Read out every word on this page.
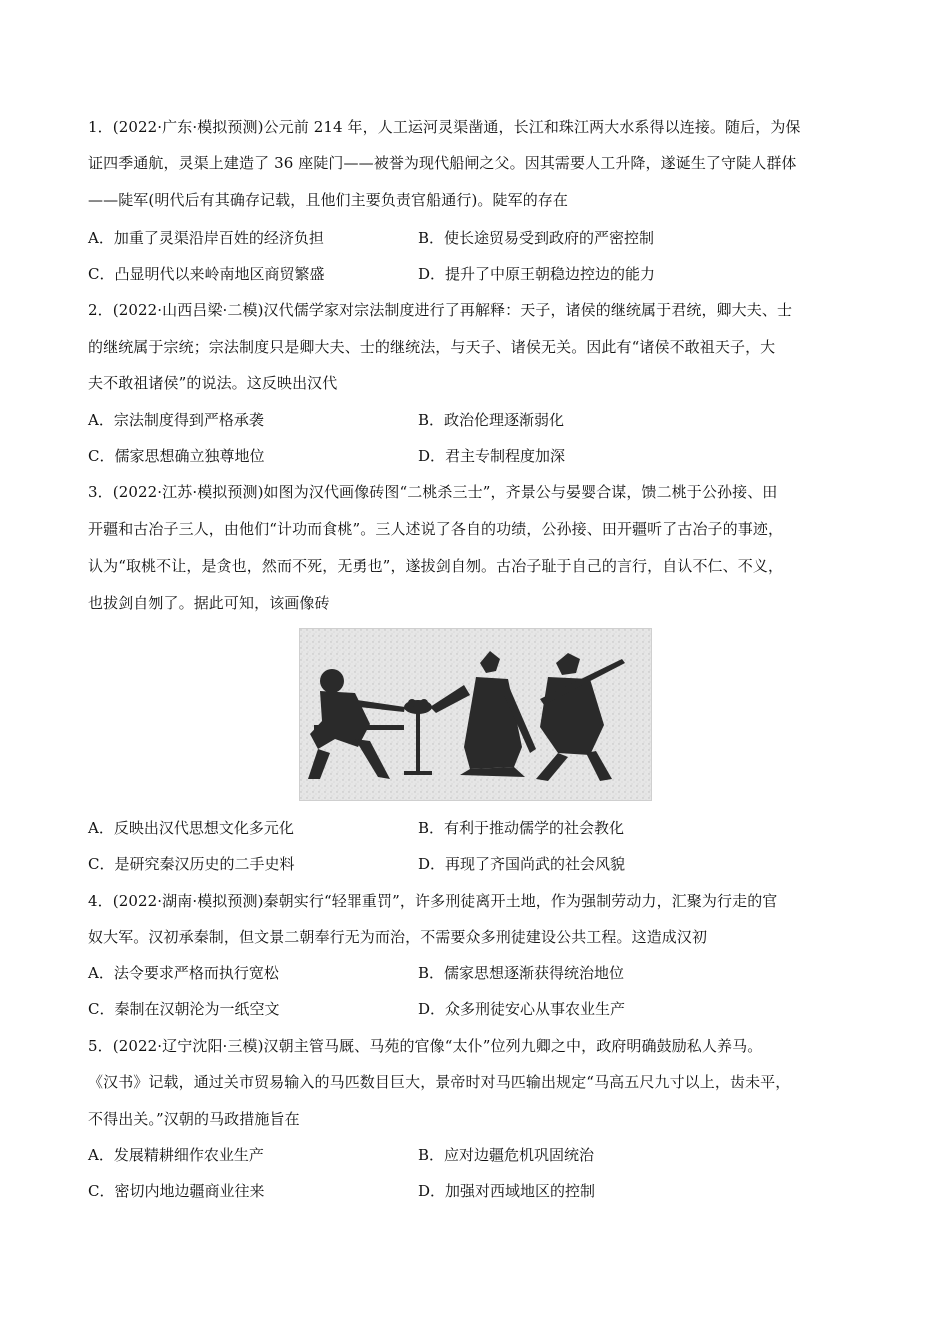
1．(2022·广东·模拟预测)公元前 214 年，人工运河灵渠凿通，长江和珠江两大水系得以连接。随后，为保
证四季通航，灵渠上建造了 36 座陡门——被誉为现代船闸之父。因其需要人工升降，遂诞生了守陡人群体
——陡军(明代后有其确存记载，且他们主要负责官船通行)。陡军的存在
A．加重了灵渠沿岸百姓的经济负担	B．使长途贸易受到政府的严密控制
C．凸显明代以来岭南地区商贸繁盛	D．提升了中原王朝稳边控边的能力
2．(2022·山西吕梁·二模)汉代儒学家对宗法制度进行了再解释：天子，诸侯的继统属于君统，卿大夫、士
的继统属于宗统；宗法制度只是卿大夫、士的继统法，与天子、诸侯无关。因此有“诸侯不敢祖天子，大
夫不敢祖诸侯”的说法。这反映出汉代
A．宗法制度得到严格承袭	B．政治伦理逐渐弱化
C．儒家思想确立独尊地位	D．君主专制程度加深
3．(2022·江苏·模拟预测)如图为汉代画像砖图“二桃杀三士”，齐景公与晏婴合谋，馈二桃于公孙接、田
开疆和古冶子三人，由他们“计功而食桃”。三人述说了各自的功绩，公孙接、田开疆听了古冶子的事迹，
认为“取桃不让，是贪也，然而不死，无勇也”，遂拔剑自刎。古冶子耻于自己的言行，自认不仁、不义，
也拔剑自刎了。据此可知，该画像砖
A．反映出汉代思想文化多元化	B．有利于推动儒学的社会教化
C．是研究秦汉历史的二手史料	D．再现了齐国尚武的社会风貌
4．(2022·湖南·模拟预测)秦朝实行“轻罪重罚”，许多刑徒离开土地，作为强制劳动力，汇聚为行走的官
奴大军。汉初承秦制，但文景二朝奉行无为而治，不需要众多刑徒建设公共工程。这造成汉初
A．法令要求严格而执行宽松	B．儒家思想逐渐获得统治地位
C．秦制在汉朝沦为一纸空文	D．众多刑徒安心从事农业生产
5．(2022·辽宁沈阳·三模)汉朝主管马厩、马苑的官像“太仆”位列九卿之中，政府明确鼓励私人养马。
《汉书》记载，通过关市贸易输入的马匹数目巨大，景帝时对马匹输出规定“马高五尺九寸以上，齿未平，
不得出关。”汉朝的马政措施旨在
A．发展精耕细作农业生产	B．应对边疆危机巩固统治
C．密切内地边疆商业往来	D．加强对西域地区的控制
